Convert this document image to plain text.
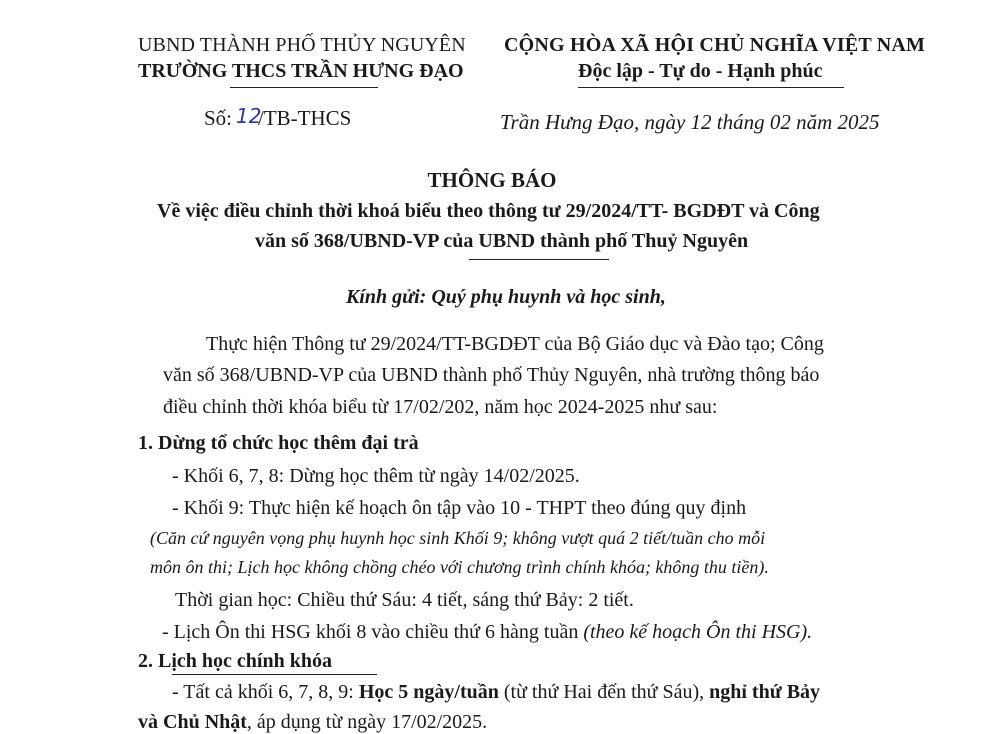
UBND THÀNH PHỐ THỦY NGUYÊN
TRƯỜNG THCS TRẦN HƯNG ĐẠO
CỘNG HÒA XÃ HỘI CHỦ NGHĨA VIỆT NAM
Độc lập - Tự do - Hạnh phúc
Số: 12
/TB-THCS	Trần Hưng Đạo, ngày 12 tháng 02 năm 2025
THÔNG BÁO
Về việc điều chỉnh thời khoá biểu theo thông tư 29/2024/TT- BGDĐT và Công
văn số 368/UBND-VP của UBND thành phố Thuỷ Nguyên
Kính gửi: Quý phụ huynh và học sinh,
Thực hiện Thông tư 29/2024/TT-BGDĐT của Bộ Giáo dục và Đào tạo; Công
văn số 368/UBND-VP của UBND thành phố Thủy Nguyên, nhà trường thông báo
điều chỉnh thời khóa biểu từ 17/02/202, năm học 2024-2025 như sau:
1. Dừng tổ chức học thêm đại trà
- Khối 6, 7, 8: Dừng học thêm từ ngày 14/02/2025.
- Khối 9: Thực hiện kế hoạch ôn tập vào 10 - THPT theo đúng quy định
(Căn cứ nguyên vọng phụ huynh học sinh Khối 9; không vượt quá 2 tiết/tuần cho mỗi
môn ôn thi; Lịch học không chồng chéo với chương trình chính khóa; không thu tiền).
Thời gian học: Chiều thứ Sáu: 4 tiết, sáng thứ Bảy: 2 tiết.
- Lịch Ôn thi HSG khối 8 vào chiều thứ 6 hàng tuần (theo kế hoạch Ôn thi HSG).
2. Lịch học chính khóa
- Tất cả khối 6, 7, 8, 9: Học 5 ngày/tuần (từ thứ Hai đến thứ Sáu), nghỉ thứ Bảy
và Chủ Nhật, áp dụng từ ngày 17/02/2025.
